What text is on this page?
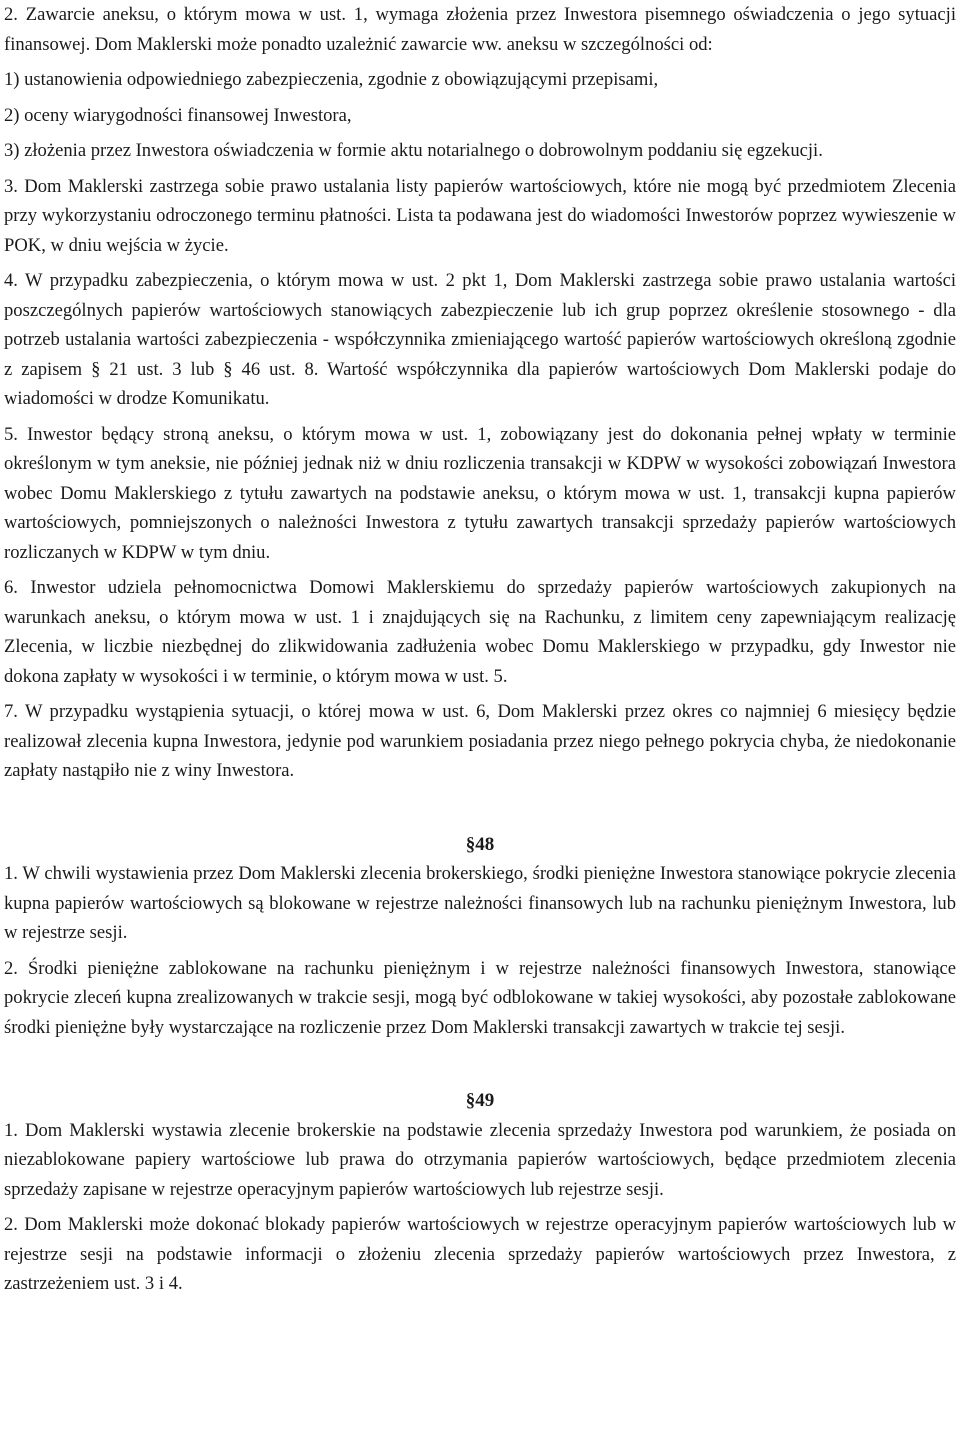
2. Zawarcie aneksu, o którym mowa w ust. 1, wymaga złożenia przez Inwestora pisemnego oświadczenia o jego sytuacji finansowej. Dom Maklerski może ponadto uzależnić zawarcie ww. aneksu w szczególności od:

1) ustanowienia odpowiedniego zabezpieczenia, zgodnie z obowiązującymi przepisami,

2) oceny wiarygodności finansowej Inwestora,

3) złożenia przez Inwestora oświadczenia w formie aktu notarialnego o dobrowolnym poddaniu się egzekucji.

3. Dom Maklerski zastrzega sobie prawo ustalania listy papierów wartościowych, które nie mogą być przedmiotem Zlecenia przy wykorzystaniu odroczonego terminu płatności. Lista ta podawana jest do wiadomości Inwestorów poprzez wywieszenie w POK, w dniu wejścia w życie.

4. W przypadku zabezpieczenia, o którym mowa w ust. 2 pkt 1, Dom Maklerski zastrzega sobie prawo ustalania wartości poszczególnych papierów wartościowych stanowiących zabezpieczenie lub ich grup poprzez określenie stosownego - dla potrzeb ustalania wartości zabezpieczenia - współczynnika zmieniającego wartość papierów wartościowych określoną zgodnie z zapisem § 21 ust. 3 lub § 46 ust. 8. Wartość współczynnika dla papierów wartościowych Dom Maklerski podaje do wiadomości w drodze Komunikatu.

5. Inwestor będący stroną aneksu, o którym mowa w ust. 1, zobowiązany jest do dokonania pełnej wpłaty w terminie określonym w tym aneksie, nie później jednak niż w dniu rozliczenia transakcji w KDPW w wysokości zobowiązań Inwestora wobec Domu Maklerskiego z tytułu zawartych na podstawie aneksu, o którym mowa w ust. 1, transakcji kupna papierów wartościowych, pomniejszonych o należności Inwestora z tytułu zawartych transakcji sprzedaży papierów wartościowych rozliczanych w KDPW w tym dniu.

6. Inwestor udziela pełnomocnictwa Domowi Maklerskiemu do sprzedaży papierów wartościowych zakupionych na warunkach aneksu, o którym mowa w ust. 1 i znajdujących się na Rachunku, z limitem ceny zapewniającym realizację Zlecenia, w liczbie niezbędnej do zlikwidowania zadłużenia wobec Domu Maklerskiego w przypadku, gdy Inwestor nie dokona zapłaty w wysokości i w terminie, o którym mowa w ust. 5.

7. W przypadku wystąpienia sytuacji, o której mowa w ust. 6, Dom Maklerski przez okres co najmniej 6 miesięcy będzie realizował zlecenia kupna Inwestora, jedynie pod warunkiem posiadania przez niego pełnego pokrycia chyba, że niedokonanie zapłaty nastąpiło nie z winy Inwestora.

§48

1. W chwili wystawienia przez Dom Maklerski zlecenia brokerskiego, środki pieniężne Inwestora stanowiące pokrycie zlecenia kupna papierów wartościowych są blokowane w rejestrze należności finansowych lub na rachunku pieniężnym Inwestora, lub w rejestrze sesji.

2. Środki pieniężne zablokowane na rachunku pieniężnym i w rejestrze należności finansowych Inwestora, stanowiące pokrycie zleceń kupna zrealizowanych w trakcie sesji, mogą być odblokowane w takiej wysokości, aby pozostałe zablokowane środki pieniężne były wystarczające na rozliczenie przez Dom Maklerski transakcji zawartych w trakcie tej sesji.

§49

1. Dom Maklerski wystawia zlecenie brokerskie na podstawie zlecenia sprzedaży Inwestora pod warunkiem, że posiada on niezablokowane papiery wartościowe lub prawa do otrzymania papierów wartościowych, będące przedmiotem zlecenia sprzedaży zapisane w rejestrze operacyjnym papierów wartościowych lub rejestrze sesji.

2. Dom Maklerski może dokonać blokady papierów wartościowych w rejestrze operacyjnym papierów wartościowych lub w rejestrze sesji na podstawie informacji o złożeniu zlecenia sprzedaży papierów wartościowych przez Inwestora, z zastrzeżeniem ust. 3 i 4.
